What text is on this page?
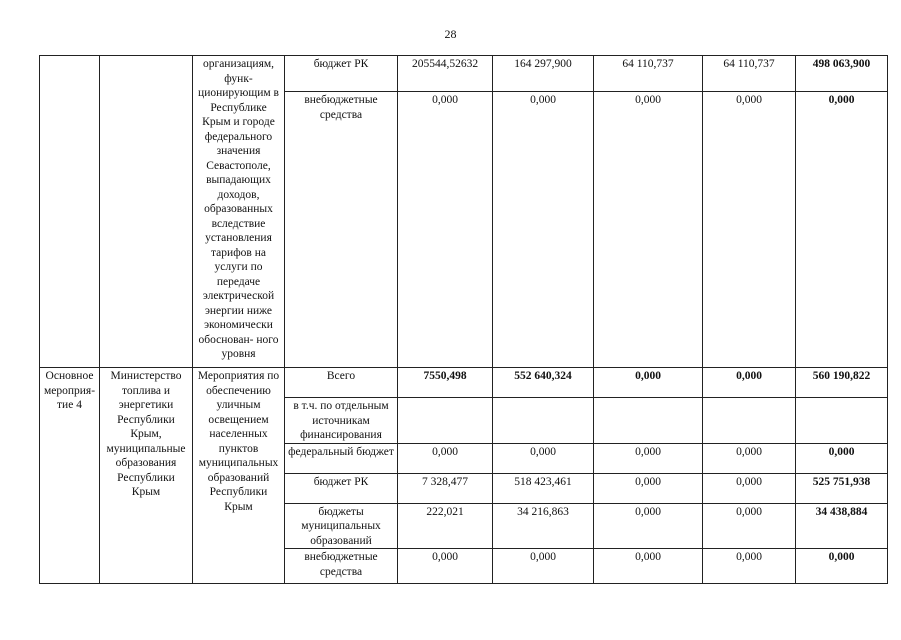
28
		организациям, функ- ционирующим в Республике Крым и городе федерального значения Севастополе, выпадающих доходов, образованных вследствие установления тарифов на услуги по передаче электрической энергии ниже экономически обоснован- ного уровня	бюджет РК	205544,52632	164 297,900	64 110,737	64 110,737	498 063,900
			внебюджетные средства	0,000	0,000	0,000	0,000	0,000
Основное мероприя- тие 4	Министерство топлива и энергетики Республики Крым, муниципальные образования Республики Крым	Мероприятия по обеспечению уличным освещением населенных пунктов муниципальных образований Республики Крым	Всего	7550,498	552 640,324	0,000	0,000	560 190,822
			в т.ч. по отдельным источникам финансирования					
			федеральный бюджет	0,000	0,000	0,000	0,000	0,000
			бюджет РК	7 328,477	518 423,461	0,000	0,000	525 751,938
			бюджеты муниципальных образований	222,021	34 216,863	0,000	0,000	34 438,884
			внебюджетные средства	0,000	0,000	0,000	0,000	0,000
